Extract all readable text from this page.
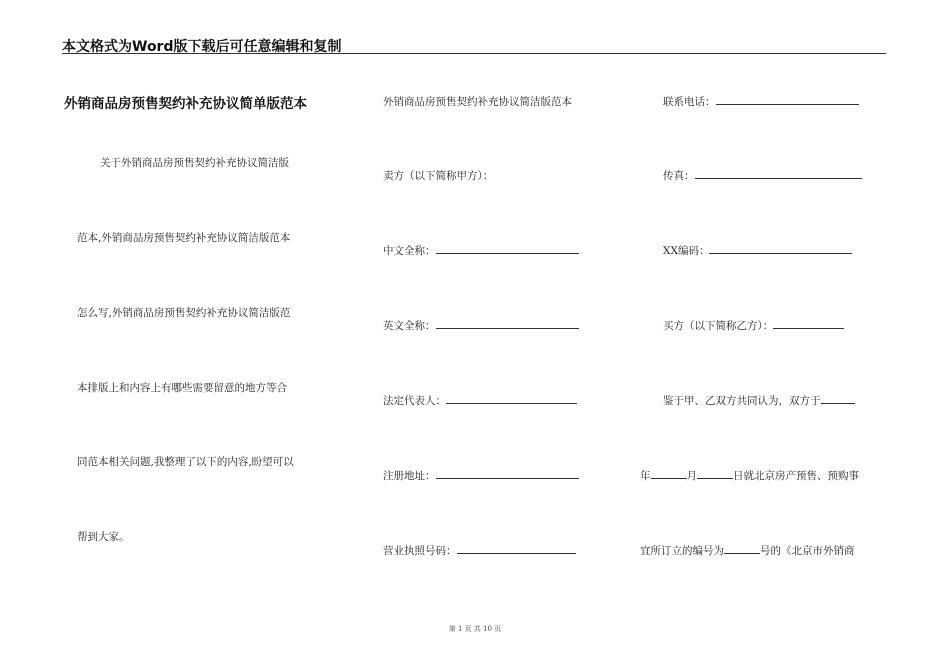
本文格式为Word版下载后可任意编辑和复制
外销商品房预售契约补充协议简单版范本
关于外销商品房预售契约补充协议简洁版
范本,外销商品房预售契约补充协议简洁版范本
怎么写,外销商品房预售契约补充协议简洁版范
本排版上和内容上有哪些需要留意的地方等合
同范本相关问题,我整理了以下的内容,盼望可以
帮到大家。
外销商品房预售契约补充协议简洁版范本
卖方（以下简称甲方）：
中文全称：
英文全称：
法定代表人：
注册地址：
营业执照号码：
联系电话：
传真：
XX编码：
买方（以下简称乙方）：
鉴于甲、乙双方共同认为，双方于
年	月	日就北京房产预售、预购事
宜所订立的编号为	号的《北京市外销商
第 1 页 共 10 页
